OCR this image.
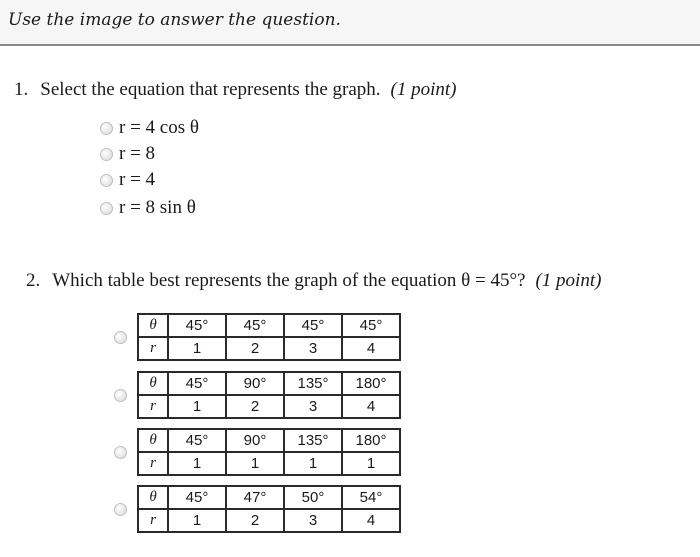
Use the image to answer the question.
1. Select the equation that represents the graph. (1 point)
r = 4 cos θ
r = 8
r = 4
r = 8 sin θ
2. Which table best represents the graph of the equation θ = 45°? (1 point)
θ	45°	45°	45°	45°
r	1	2	3	4
θ	45°	90°	135°	180°
r	1	2	3	4
θ	45°	90°	135°	180°
r	1	1	1	1
θ	45°	47°	50°	54°
r	1	2	3	4
